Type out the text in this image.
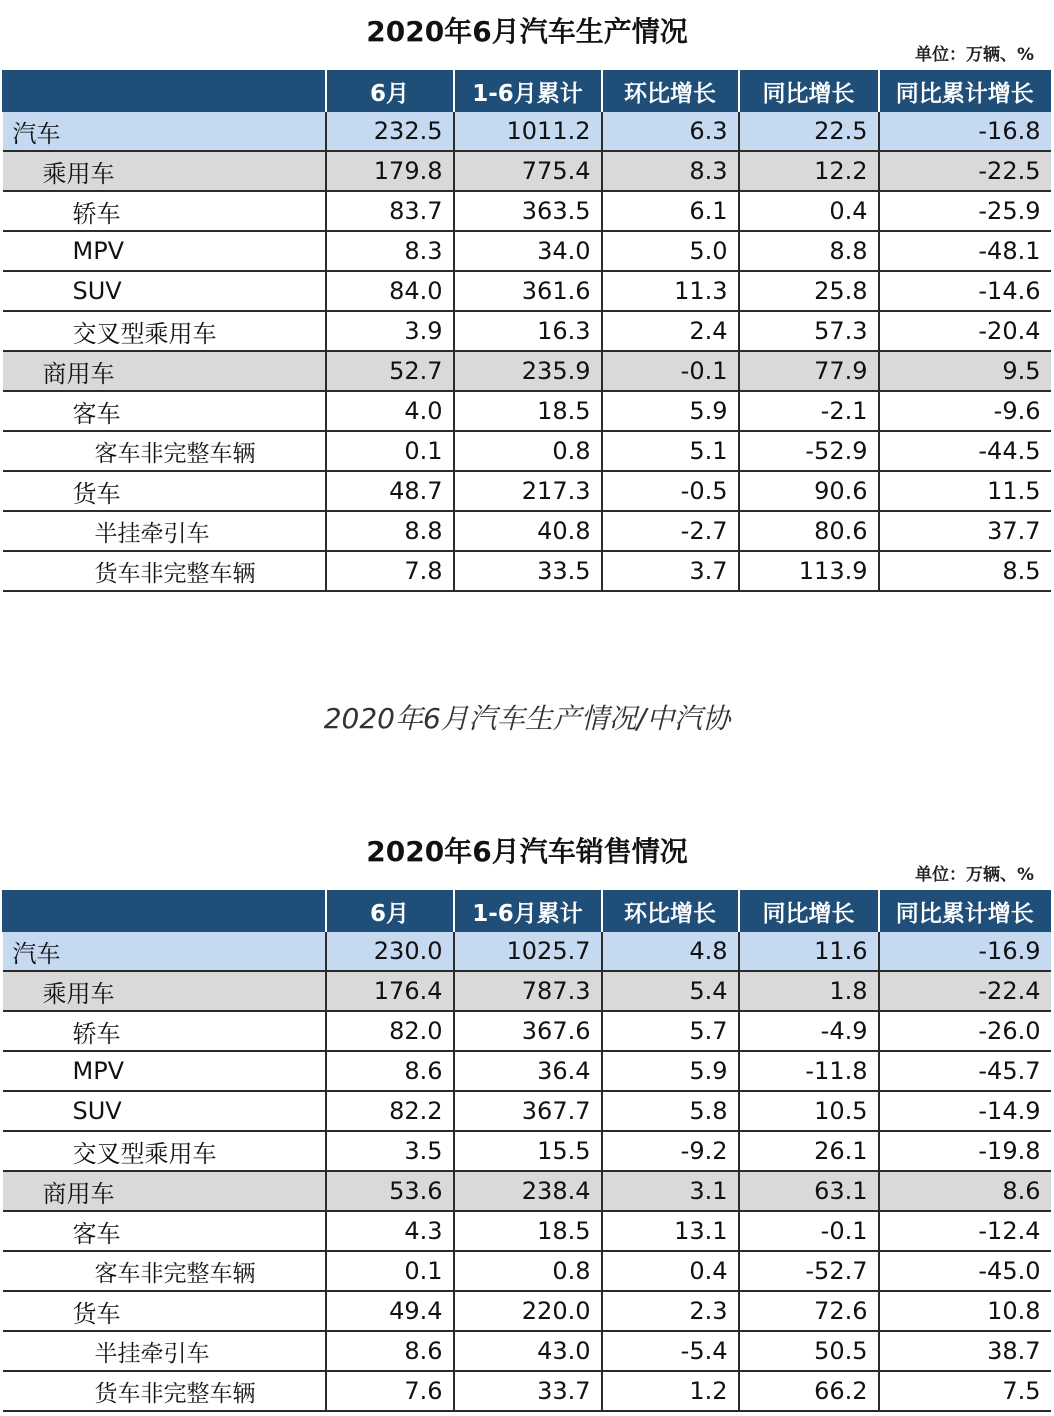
2020年6月汽车生产情况
单位：万辆、%
	6月	1-6月累计	环比增长	同比增长	同比累计增长
汽车	232.5	1011.2	6.3	22.5	-16.8
乘用车	179.8	775.4	8.3	12.2	-22.5
轿车	83.7	363.5	6.1	0.4	-25.9
MPV	8.3	34.0	5.0	8.8	-48.1
SUV	84.0	361.6	11.3	25.8	-14.6
交叉型乘用车	3.9	16.3	2.4	57.3	-20.4
商用车	52.7	235.9	-0.1	77.9	9.5
客车	4.0	18.5	5.9	-2.1	-9.6
客车非完整车辆	0.1	0.8	5.1	-52.9	-44.5
货车	48.7	217.3	-0.5	90.6	11.5
半挂牵引车	8.8	40.8	-2.7	80.6	37.7
货车非完整车辆	7.8	33.5	3.7	113.9	8.5
2020年6月汽车生产情况/中汽协
2020年6月汽车销售情况
单位：万辆、%
	6月	1-6月累计	环比增长	同比增长	同比累计增长
汽车	230.0	1025.7	4.8	11.6	-16.9
乘用车	176.4	787.3	5.4	1.8	-22.4
轿车	82.0	367.6	5.7	-4.9	-26.0
MPV	8.6	36.4	5.9	-11.8	-45.7
SUV	82.2	367.7	5.8	10.5	-14.9
交叉型乘用车	3.5	15.5	-9.2	26.1	-19.8
商用车	53.6	238.4	3.1	63.1	8.6
客车	4.3	18.5	13.1	-0.1	-12.4
客车非完整车辆	0.1	0.8	0.4	-52.7	-45.0
货车	49.4	220.0	2.3	72.6	10.8
半挂牵引车	8.6	43.0	-5.4	50.5	38.7
货车非完整车辆	7.6	33.7	1.2	66.2	7.5
